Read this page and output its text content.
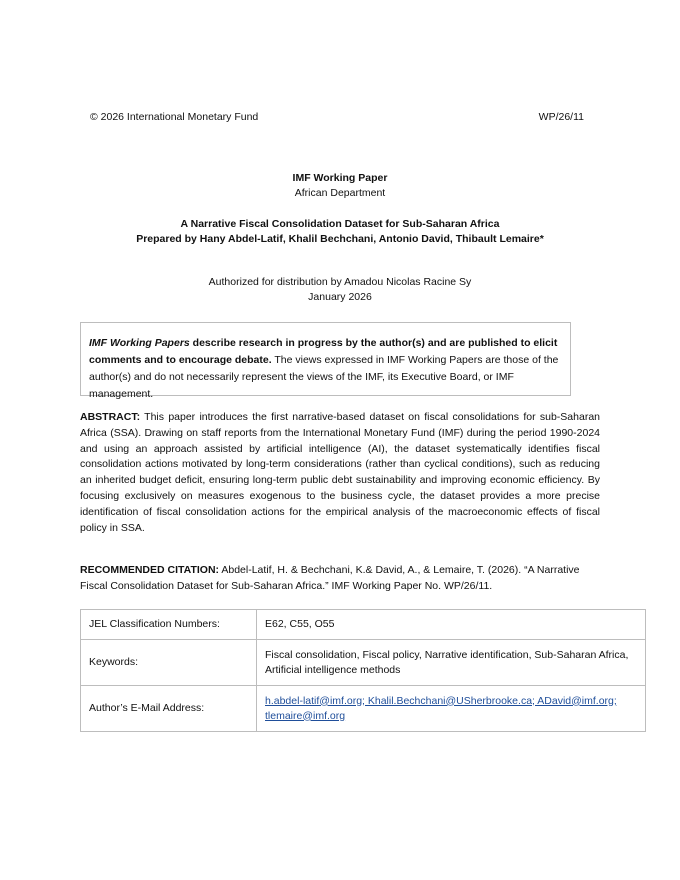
© 2026 International Monetary Fund	WP/26/11
IMF Working Paper
African Department
A Narrative Fiscal Consolidation Dataset for Sub-Saharan Africa
Prepared by Hany Abdel-Latif, Khalil Bechchani, Antonio David, Thibault Lemaire*
Authorized for distribution by Amadou Nicolas Racine Sy
January 2026
IMF Working Papers describe research in progress by the author(s) and are published to elicit comments and to encourage debate. The views expressed in IMF Working Papers are those of the author(s) and do not necessarily represent the views of the IMF, its Executive Board, or IMF management.
ABSTRACT: This paper introduces the first narrative-based dataset on fiscal consolidations for sub-Saharan Africa (SSA). Drawing on staff reports from the International Monetary Fund (IMF) during the period 1990-2024 and using an approach assisted by artificial intelligence (AI), the dataset systematically identifies fiscal consolidation actions motivated by long-term considerations (rather than cyclical conditions), such as reducing an inherited budget deficit, ensuring long-term public debt sustainability and improving economic efficiency. By focusing exclusively on measures exogenous to the business cycle, the dataset provides a more precise identification of fiscal consolidation actions for the empirical analysis of the macroeconomic effects of fiscal policy in SSA.
RECOMMENDED CITATION: Abdel-Latif, H. & Bechchani, K.& David, A., & Lemaire, T. (2026). “A Narrative Fiscal Consolidation Dataset for Sub-Saharan Africa.” IMF Working Paper No. WP/26/11.
JEL Classification Numbers:	E62, C55, O55
Keywords:	Fiscal consolidation, Fiscal policy, Narrative identification, Sub-Saharan Africa, Artificial intelligence methods
Author’s E-Mail Address:	h.abdel-latif@imf.org; Khalil.Bechchani@USherbrooke.ca; ADavid@imf.org;
tlemaire@imf.org
